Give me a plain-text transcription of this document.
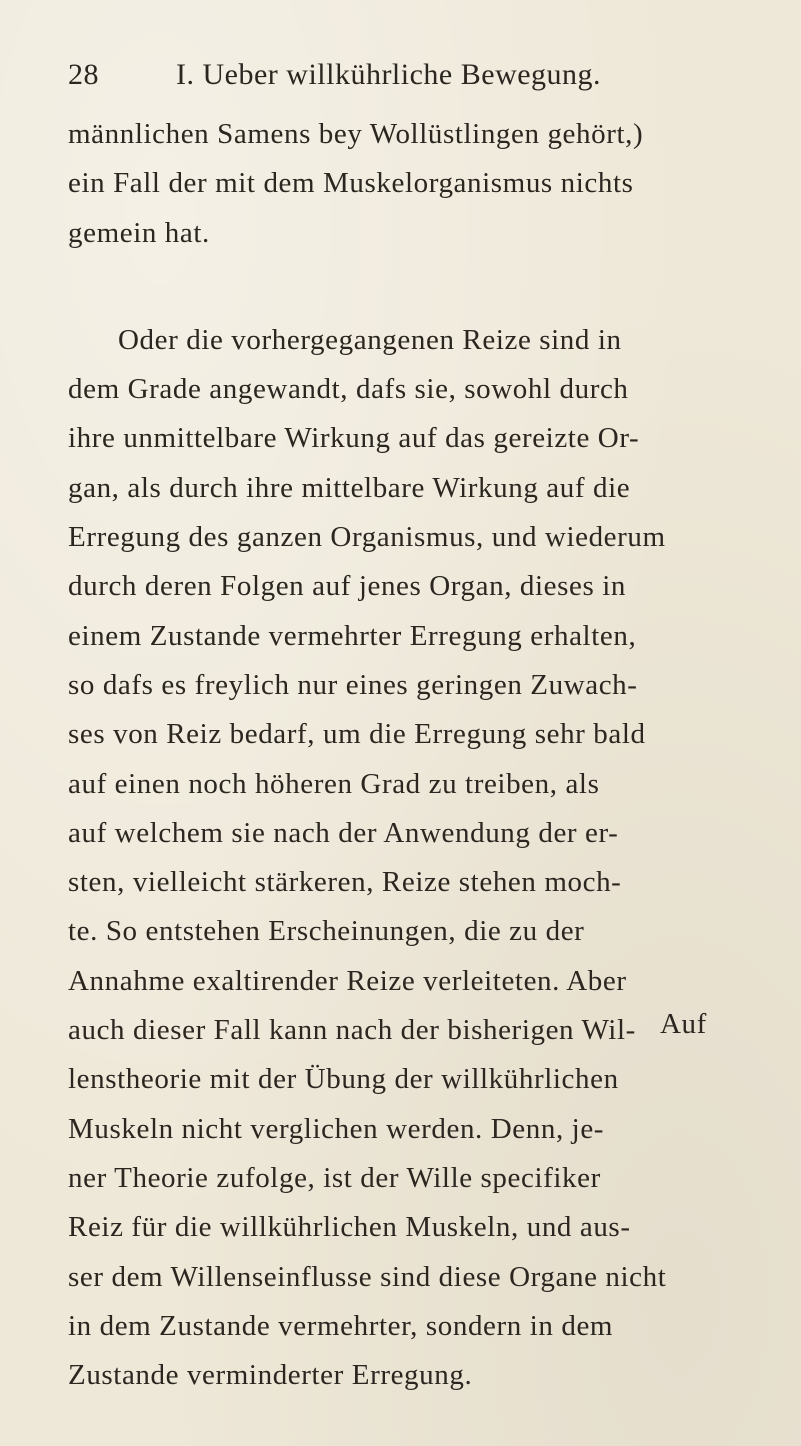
28	I. Ueber willkührliche Bewegung.
männlichen Samens bey Wollüstlingen gehört,)
ein Fall der mit dem Muskelorganismus nichts
gemein hat.
Oder die vorhergegangenen Reize sind in
dem Grade angewandt, dafs sie, sowohl durch
ihre unmittelbare Wirkung auf das gereizte Or-
gan, als durch ihre mittelbare Wirkung auf die
Erregung des ganzen Organismus, und wiederum
durch deren Folgen auf jenes Organ, dieses in
einem Zustande vermehrter Erregung erhalten,
so dafs es freylich nur eines geringen Zuwach-
ses von Reiz bedarf, um die Erregung sehr bald
auf einen noch höheren Grad zu treiben, als
auf welchem sie nach der Anwendung der er-
sten, vielleicht stärkeren, Reize stehen moch-
te. So entstehen Erscheinungen, die zu der
Annahme exaltirender Reize verleiteten. Aber
auch dieser Fall kann nach der bisherigen Wil-
lenstheorie mit der Übung der willkührlichen
Muskeln nicht verglichen werden. Denn, je-
ner Theorie zufolge, ist der Wille specifiker
Reiz für die willkührlichen Muskeln, und aus-
ser dem Willenseinflusse sind diese Organe nicht
in dem Zustande vermehrter, sondern in dem
Zustande verminderter Erregung.
Auf
